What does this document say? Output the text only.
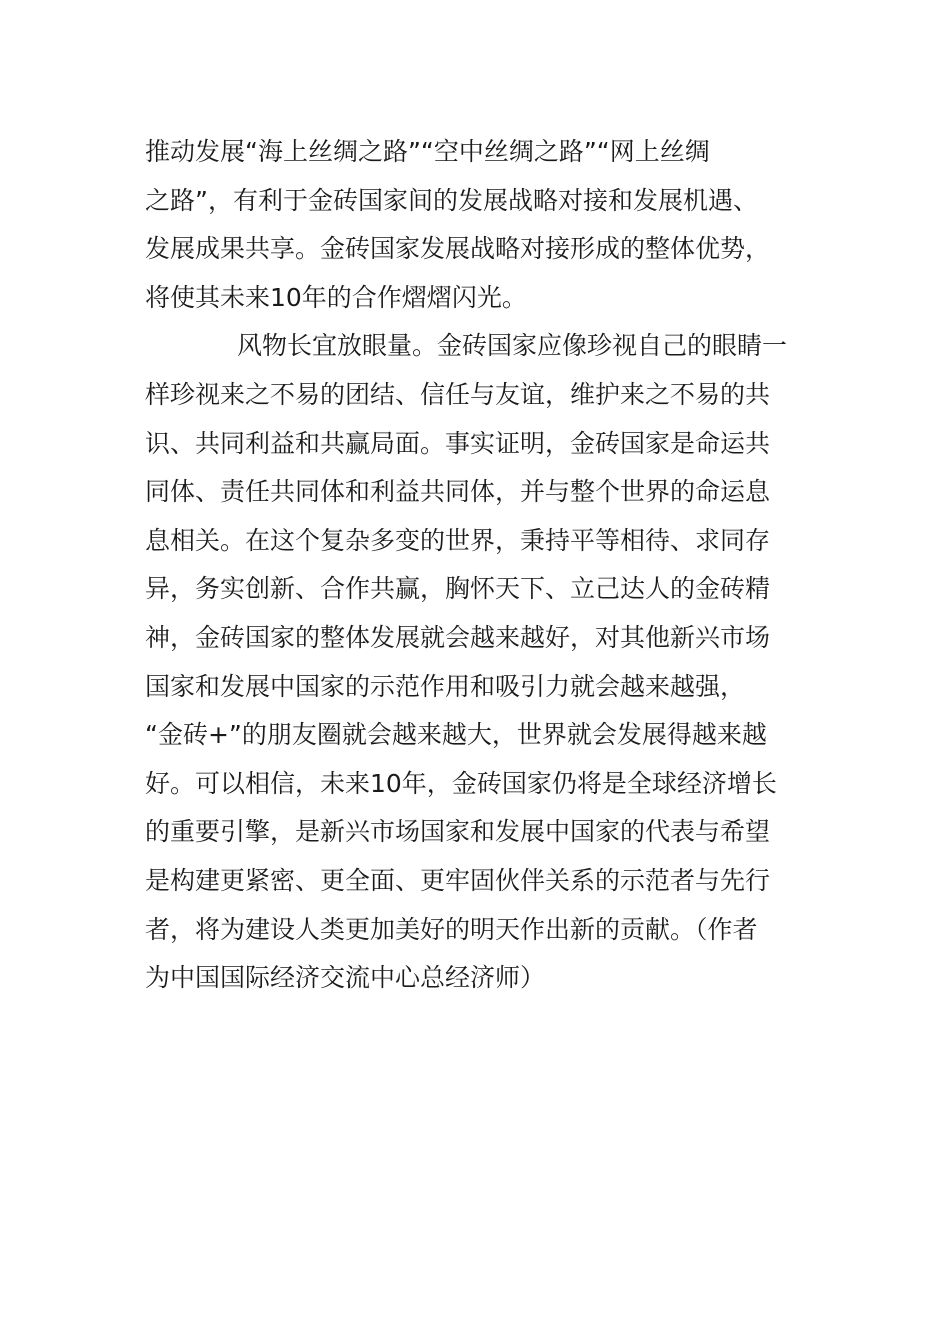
推动发展“海上丝绸之路”“空中丝绸之路”“网上丝绸
之路”，有利于金砖国家间的发展战略对接和发展机遇、
发展成果共享。金砖国家发展战略对接形成的整体优势，
将使其未来10年的合作熠熠闪光。
风物长宜放眼量。金砖国家应像珍视自己的眼睛一
样珍视来之不易的团结、信任与友谊，维护来之不易的共
识、共同利益和共赢局面。事实证明，金砖国家是命运共
同体、责任共同体和利益共同体，并与整个世界的命运息
息相关。在这个复杂多变的世界，秉持平等相待、求同存
异，务实创新、合作共赢，胸怀天下、立己达人的金砖精
神，金砖国家的整体发展就会越来越好，对其他新兴市场
国家和发展中国家的示范作用和吸引力就会越来越强，
“金砖+”的朋友圈就会越来越大，世界就会发展得越来越
好。可以相信，未来10年，金砖国家仍将是全球经济增长
的重要引擎，是新兴市场国家和发展中国家的代表与希望
是构建更紧密、更全面、更牢固伙伴关系的示范者与先行
者，将为建设人类更加美好的明天作出新的贡献。（作者
为中国国际经济交流中心总经济师）
